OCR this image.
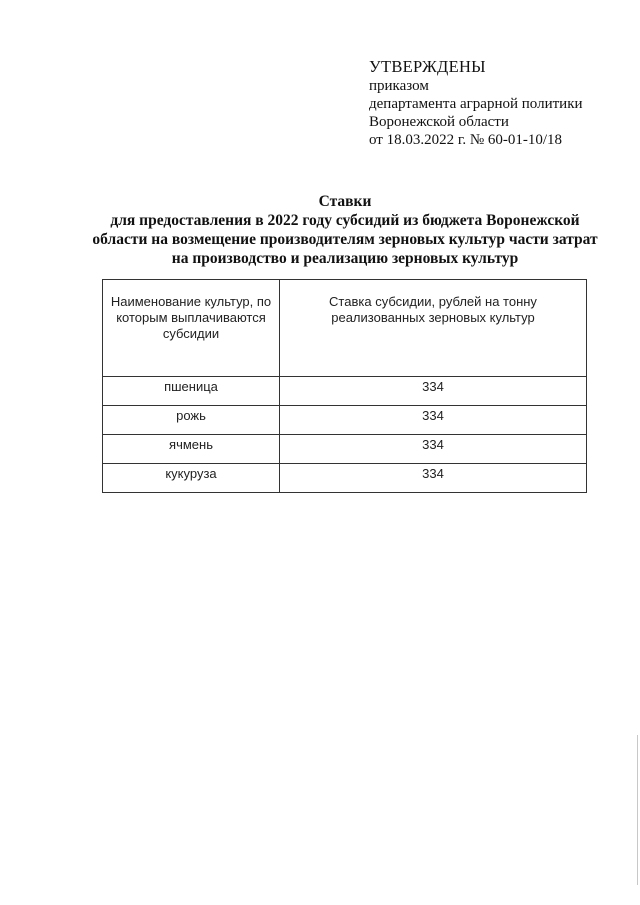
УТВЕРЖДЕНЫ
приказом
департамента аграрной политики
Воронежской области
от 18.03.2022 г. № 60-01-10/18
Ставки
для предоставления в 2022 году субсидий из бюджета Воронежской
области на возмещение производителям зерновых культур части затрат
на производство и реализацию зерновых культур
Наименование культур, по которым выплачиваются субсидии	Ставка субсидии, рублей на тонну реализованных зерновых культур
пшеница	334
рожь	334
ячмень	334
кукуруза	334
